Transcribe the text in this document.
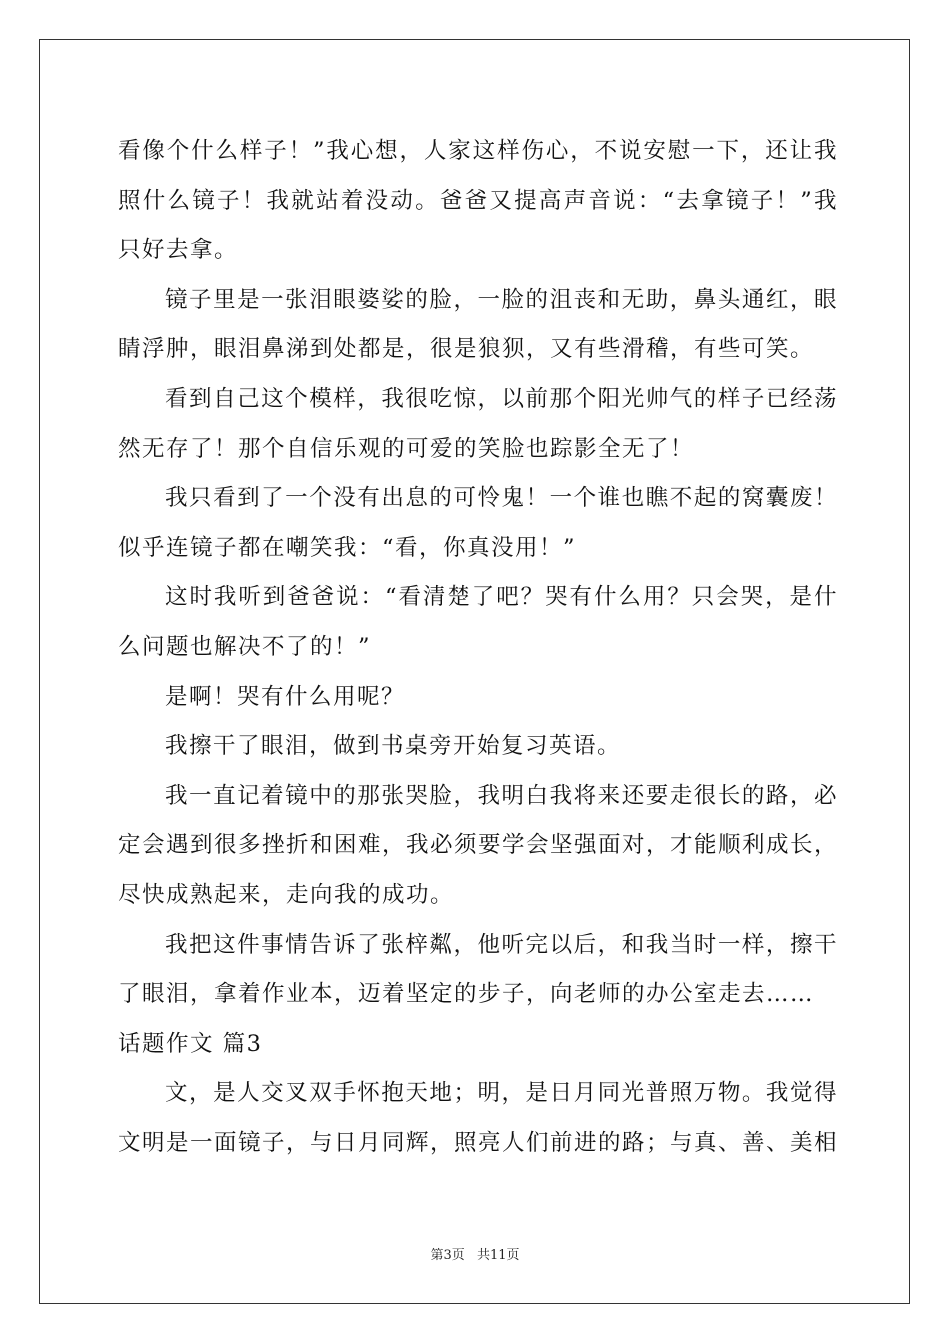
看像个什么样子！”我心想，人家这样伤心，不说安慰一下，还让我
照什么镜子！我就站着没动。爸爸又提高声音说：“去拿镜子！”我
只好去拿。
镜子里是一张泪眼婆娑的脸，一脸的沮丧和无助，鼻头通红，眼
睛浮肿，眼泪鼻涕到处都是，很是狼狈，又有些滑稽，有些可笑。
看到自己这个模样，我很吃惊，以前那个阳光帅气的样子已经荡
然无存了！那个自信乐观的可爱的笑脸也踪影全无了！
我只看到了一个没有出息的可怜鬼！一个谁也瞧不起的窝囊废！
似乎连镜子都在嘲笑我：“看，你真没用！”
这时我听到爸爸说：“看清楚了吧？哭有什么用？只会哭，是什
么问题也解决不了的！”
是啊！哭有什么用呢？
我擦干了眼泪，做到书桌旁开始复习英语。
我一直记着镜中的那张哭脸，我明白我将来还要走很长的路，必
定会遇到很多挫折和困难，我必须要学会坚强面对，才能顺利成长，
尽快成熟起来，走向我的成功。
我把这件事情告诉了张梓粼，他听完以后，和我当时一样，擦干
了眼泪，拿着作业本，迈着坚定的步子，向老师的办公室走去……
话题作文 篇3
文，是人交叉双手怀抱天地；明，是日月同光普照万物。我觉得
文明是一面镜子，与日月同辉，照亮人们前进的路；与真、善、美相
第3页 共11页
